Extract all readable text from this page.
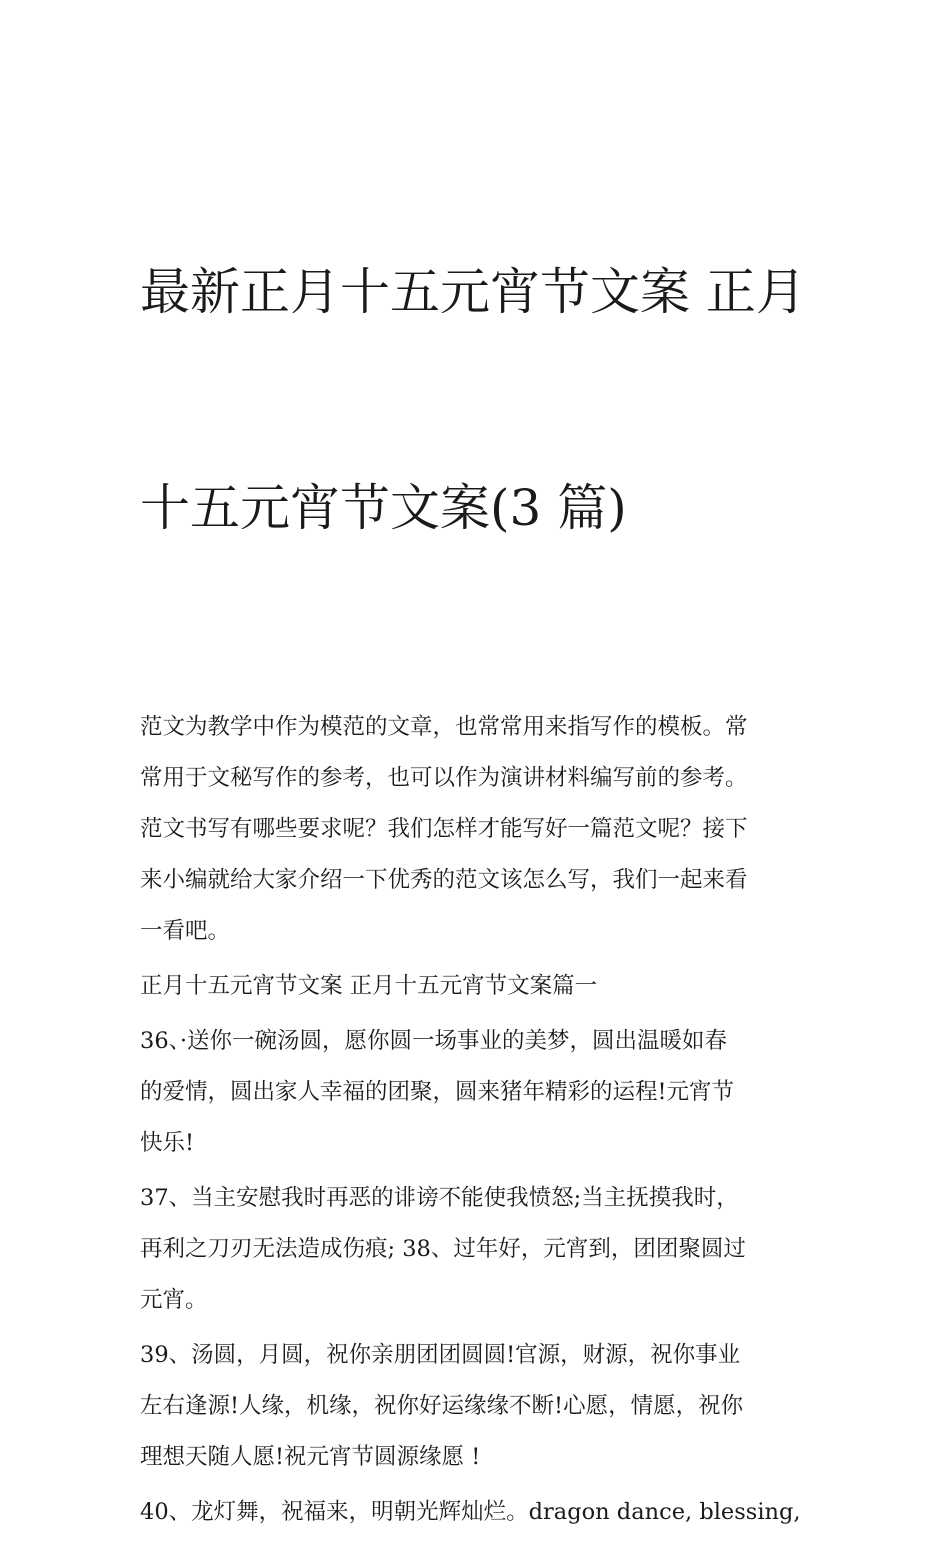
最新正月十五元宵节文案 正月

十五元宵节文案(3 篇)

范文为教学中作为模范的文章，也常常用来指写作的模板。常
常用于文秘写作的参考，也可以作为演讲材料编写前的参考。
范文书写有哪些要求呢？我们怎样才能写好一篇范文呢？接下
来小编就给大家介绍一下优秀的范文该怎么写，我们一起来看
一看吧。

正月十五元宵节文案 正月十五元宵节文案篇一

36、·送你一碗汤圆，愿你圆一场事业的美梦，圆出温暖如春
的爱情，圆出家人幸福的团聚，圆来猪年精彩的运程!元宵节
快乐!

37、当主安慰我时再恶的诽谤不能使我愤怒;当主抚摸我时，
再利之刀刃无法造成伤痕; 38、过年好，元宵到，团团聚圆过
元宵。

39、汤圆，月圆，祝你亲朋团团圆圆!官源，财源，祝你事业
左右逢源!人缘，机缘，祝你好运缘缘不断!心愿，情愿，祝你
理想天随人愿!祝元宵节圆源缘愿 !

40、龙灯舞，祝福来，明朝光辉灿烂。dragon dance, blessing,
